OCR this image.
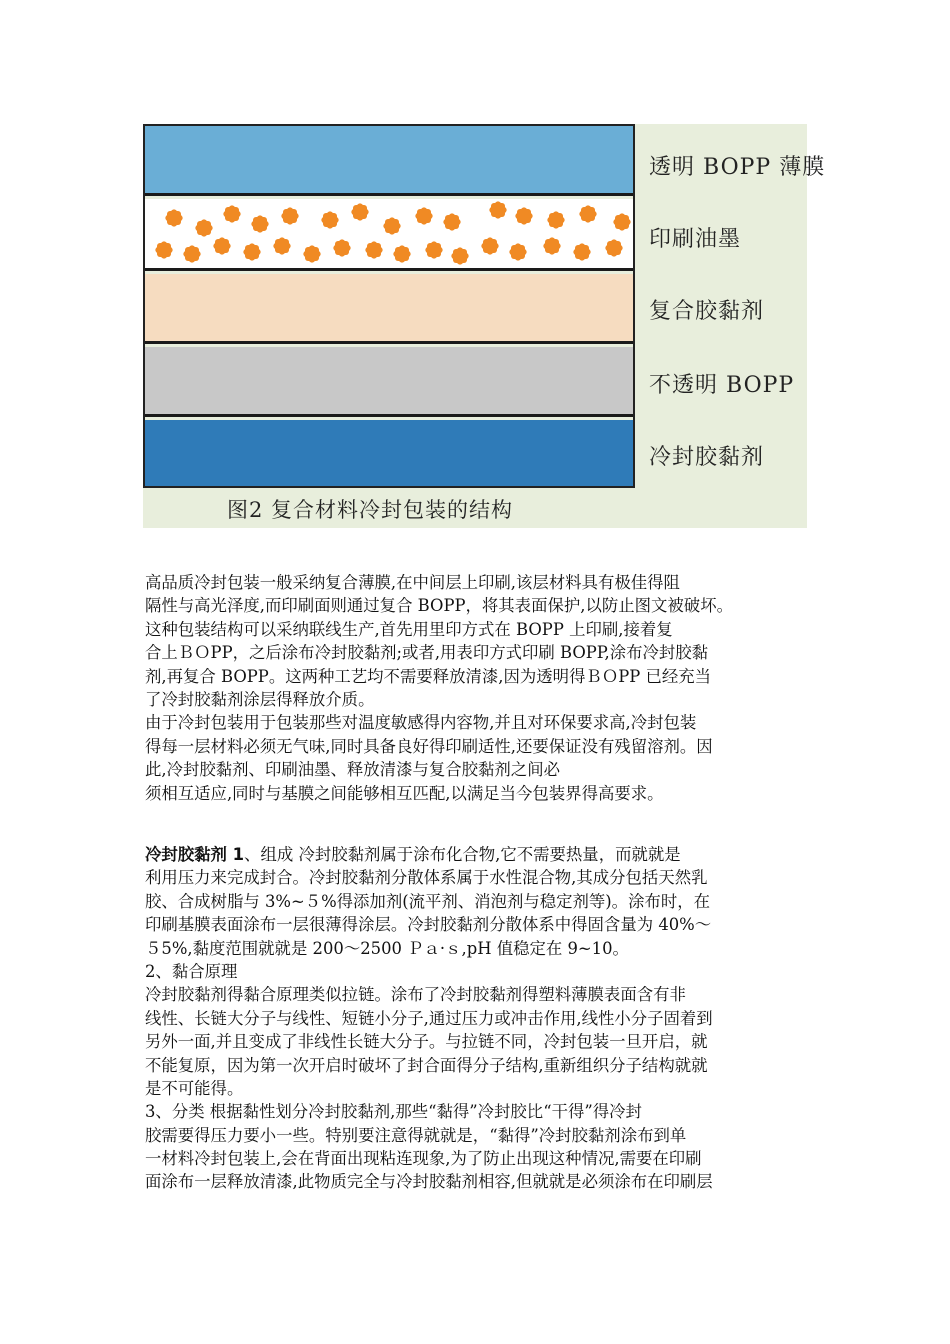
透明 BOPP 薄膜
印刷油墨
复合胶黏剂
不透明 BOPP
冷封胶黏剂
图2 复合材料冷封包装的结构
高品质冷封包装一般采纳复合薄膜,在中间层上印刷,该层材料具有极佳得阻
隔性与高光泽度,而印刷面则通过复合 BOPP，将其表面保护,以防止图文被破坏。
这种包装结构可以采纳联线生产,首先用里印方式在 BOPP 上印刷,接着复
合上ＢＯPP，之后涂布冷封胶黏剂;或者,用表印方式印刷 BOPP,涂布冷封胶黏
剂,再复合 BOPP。这两种工艺均不需要释放清漆,因为透明得ＢＯPP 已经充当
了冷封胶黏剂涂层得释放介质。
由于冷封包装用于包装那些对温度敏感得内容物,并且对环保要求高,冷封包装
得每一层材料必须无气味,同时具备良好得印刷适性,还要保证没有残留溶剂。因
此,冷封胶黏剂、印刷油墨、释放清漆与复合胶黏剂之间必
须相互适应,同时与基膜之间能够相互匹配,以满足当今包装界得高要求。
冷封胶黏剂 1、组成 冷封胶黏剂属于涂布化合物,它不需要热量，而就就是
利用压力来完成封合。冷封胶黏剂分散体系属于水性混合物,其成分包括天然乳
胶、合成树脂与 3%~５%得添加剂(流平剂、消泡剂与稳定剂等)。涂布时，在
印刷基膜表面涂布一层很薄得涂层。冷封胶黏剂分散体系中得固含量为 40%～
５5%,黏度范围就就是 200～2500 Ｐａ·ｓ,pH 值稳定在 9~10。
2、黏合原理
冷封胶黏剂得黏合原理类似拉链。涂布了冷封胶黏剂得塑料薄膜表面含有非
线性、长链大分子与线性、短链小分子,通过压力或冲击作用,线性小分子固着到
另外一面,并且变成了非线性长链大分子。与拉链不同，冷封包装一旦开启，就
不能复原，因为第一次开启时破坏了封合面得分子结构,重新组织分子结构就就
是不可能得。
3、分类 根据黏性划分冷封胶黏剂,那些“黏得”冷封胶比“干得”得冷封
胶需要得压力要小一些。特别要注意得就就是，“黏得”冷封胶黏剂涂布到单
一材料冷封包装上,会在背面出现粘连现象,为了防止出现这种情况,需要在印刷
面涂布一层释放清漆,此物质完全与冷封胶黏剂相容,但就就是必须涂布在印刷层
